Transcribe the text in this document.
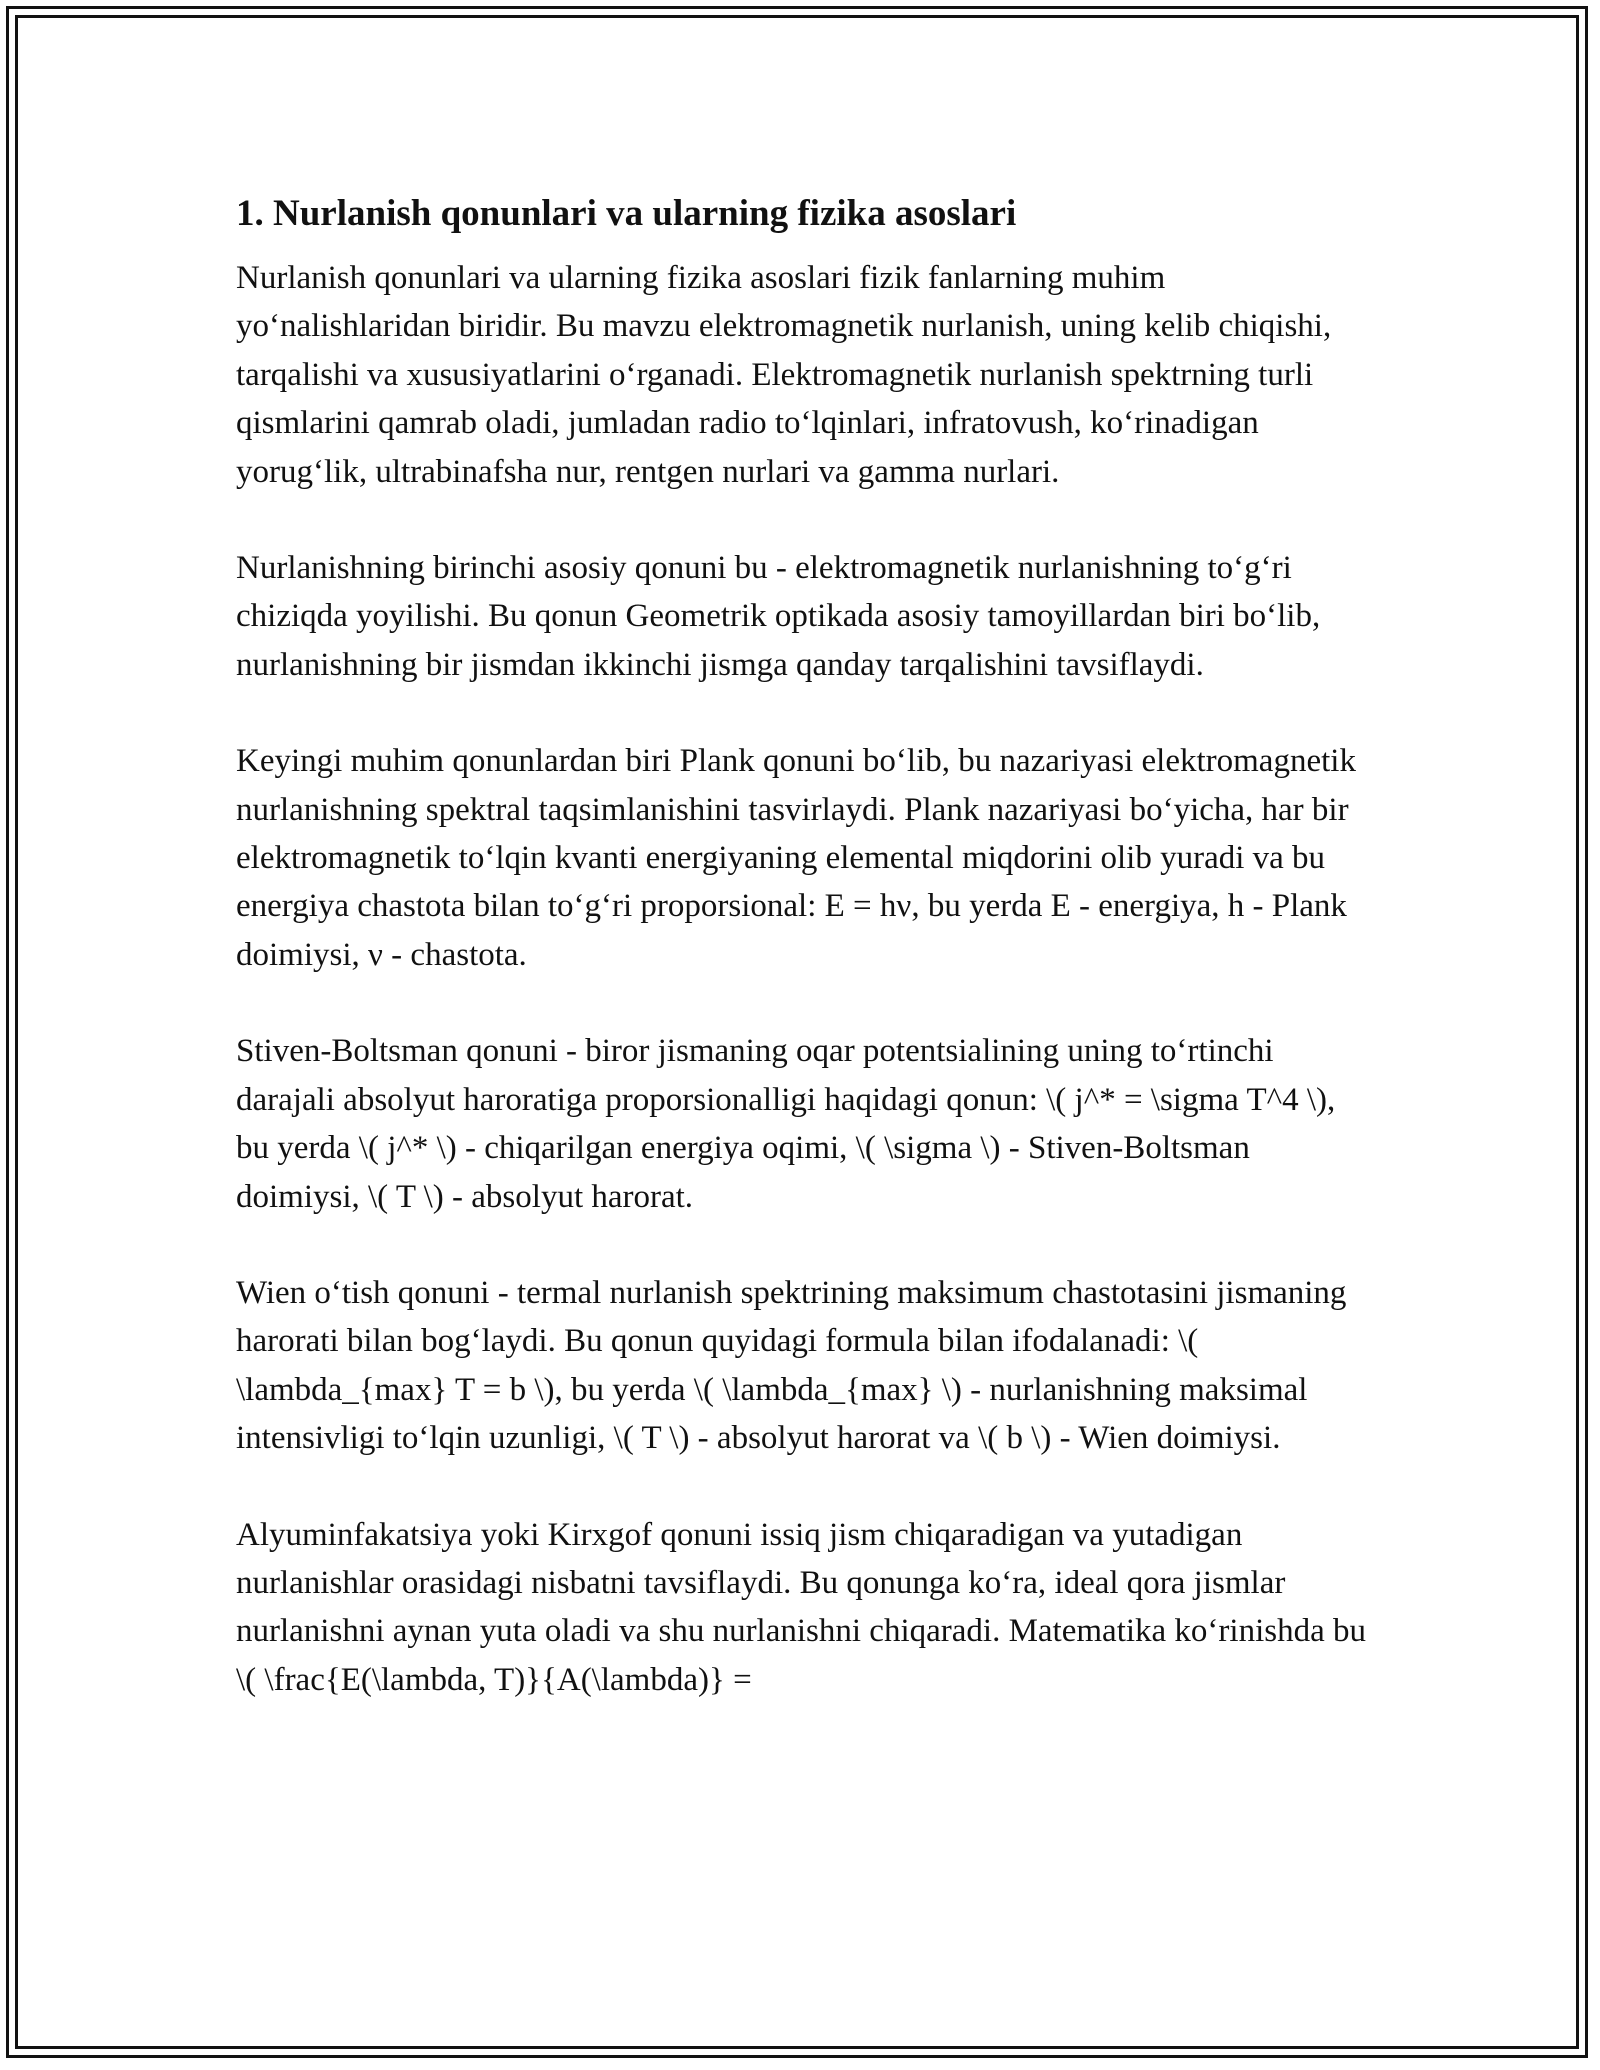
1. Nurlanish qonunlari va ularning fizika asoslari

Nurlanish qonunlari va ularning fizika asoslari fizik fanlarning muhim yo‘nalishlaridan biridir. Bu mavzu elektromagnetik nurlanish, uning kelib chiqishi, tarqalishi va xususiyatlarini o‘rganadi. Elektromagnetik nurlanish spektrning turli qismlarini qamrab oladi, jumladan radio to‘lqinlari, infratovush, ko‘rinadigan yorug‘lik, ultrabinafsha nur, rentgen nurlari va gamma nurlari.

Nurlanishning birinchi asosiy qonuni bu - elektromagnetik nurlanishning to‘g‘ri chiziqda yoyilishi. Bu qonun Geometrik optikada asosiy tamoyillardan biri bo‘lib, nurlanishning bir jismdan ikkinchi jismga qanday tarqalishini tavsiflaydi.

Keyingi muhim qonunlardan biri Plank qonuni bo‘lib, bu nazariyasi elektromagnetik nurlanishning spektral taqsimlanishini tasvirlaydi. Plank nazariyasi bo‘yicha, har bir elektromagnetik to‘lqin kvanti energiyaning elemental miqdorini olib yuradi va bu energiya chastota bilan to‘g‘ri proporsional: E = hν, bu yerda E - energiya, h - Plank doimiysi, ν - chastota.

Stiven-Boltsman qonuni - biror jismaning oqar potentsialining uning to‘rtinchi darajali absolyut haroratiga proporsionalligi haqidagi qonun: \( j^* = \sigma T^4 \), bu yerda \( j^* \) - chiqarilgan energiya oqimi, \( \sigma \) - Stiven-Boltsman doimiysi, \( T \) - absolyut harorat.

Wien o‘tish qonuni - termal nurlanish spektrining maksimum chastotasini jismaning harorati bilan bog‘laydi. Bu qonun quyidagi formula bilan ifodalanadi: \( \lambda_{max} T = b \), bu yerda \( \lambda_{max} \) - nurlanishning maksimal intensivligi to‘lqin uzunligi, \( T \) - absolyut harorat va \( b \) - Wien doimiysi.

Alyuminfakatsiya yoki Kirxgof qonuni issiq jism chiqaradigan va yutadigan nurlanishlar orasidagi nisbatni tavsiflaydi. Bu qonunga ko‘ra, ideal qora jismlar nurlanishni aynan yuta oladi va shu nurlanishni chiqaradi. Matematika ko‘rinishda bu \( \frac{E(\lambda, T)}{A(\lambda)} =
